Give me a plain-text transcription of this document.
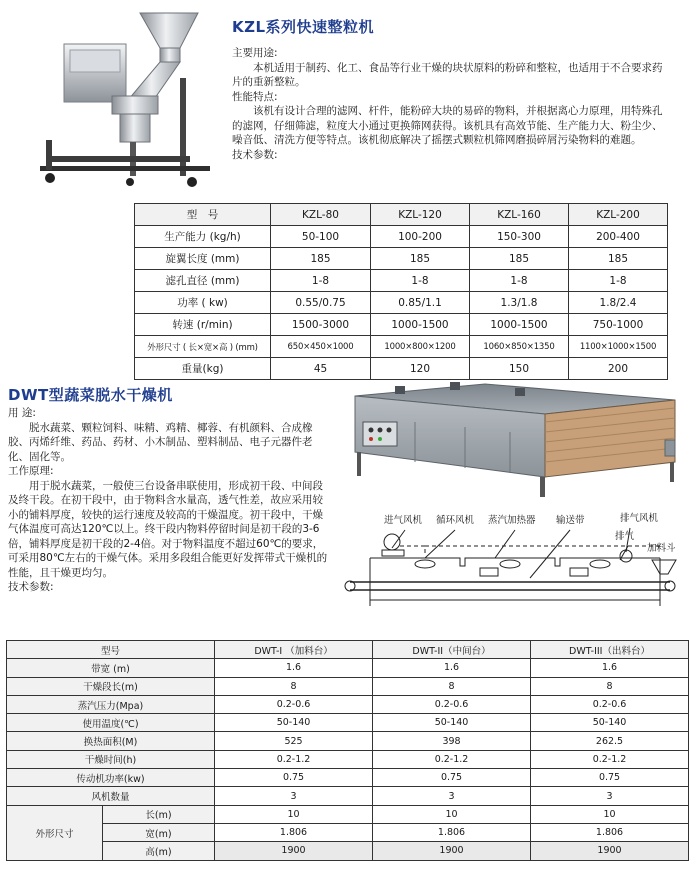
KZL系列快速整粒机

主要用途:

本机适用于制药、化工、食品等行业干燥的块状原料的粉碎和整粒，也适用于不合要求药片的重新整粒。

性能特点:

该机有设计合理的滤网、杆件，能粉碎大块的易碎的物料，并根据离心力原理，用特殊孔的滤网，仔细筛滤，粒度大小通过更换筛网获得。该机具有高效节能、生产能力大、粉尘少、噪音低、清洗方便等特点。该机彻底解决了摇摆式颗粒机筛网磨损碎屑污染物料的难题。

技术参数:

型　号	KZL-80	KZL-120	KZL-160	KZL-200
生产能力 (kg/h)	50-100	100-200	150-300	200-400
旋翼长度 (mm)	185	185	185	185
滤孔直径 (mm)	1-8	1-8	1-8	1-8
功率 ( kw)	0.55/0.75	0.85/1.1	1.3/1.8	1.8/2.4
转速 (r/min)	1500-3000	1000-1500	1000-1500	750-1000
外形尺寸 ( 长×宽×高 ) (mm)	650×450×1000	1000×800×1200	1060×850×1350	1100×1000×1500
重量(kg)	45	120	150	200
DWT型蔬菜脱水干燥机

用 途:

脱水蔬菜、颗粒饲料、味精、鸡精、椰蓉、有机颜料、合成橡胶、丙烯纤维、药品、药材、小木制品、塑料制品、电子元器件老化、固化等。

工作原理:

用于脱水蔬菜，一般使三台设备串联使用，形成初干段、中间段及终干段。在初干段中，由于物料含水量高，透气性差，故应采用较小的铺料厚度，较快的运行速度及较高的干燥温度。初干段中，干燥气体温度可高达120℃以上。终干段内物料停留时间是初干段的3-6倍，铺料厚度是初干段的2-4倍。对于物料温度不超过60℃的要求，可采用80℃左右的干燥气体。采用多段组合能更好发挥带式干燥机的性能，且干燥更均匀。

技术参数:

进气风机 循环风机 蒸汽加热器 输送带	排气风机
排气
加料斗
型号		DWT-I （加料台）	DWT-II（中间台）	DWT-III（出料台）
带宽 (m)		1.6	1.6	1.6
干燥段长(m)		8	8	8
蒸汽压力(Mpa)		0.2-0.6	0.2-0.6	0.2-0.6
使用温度(℃)		50-140	50-140	50-140
换热面积(M)		525	398	262.5
干燥时间(h)		0.2-1.2	0.2-1.2	0.2-1.2
传动机功率(kw)		0.75	0.75	0.75
风机数量		3	3	3
外形尺寸	长(m)	10	10	10
	宽(m)	1.806	1.806	1.806
	高(m)	1900	1900	1900
